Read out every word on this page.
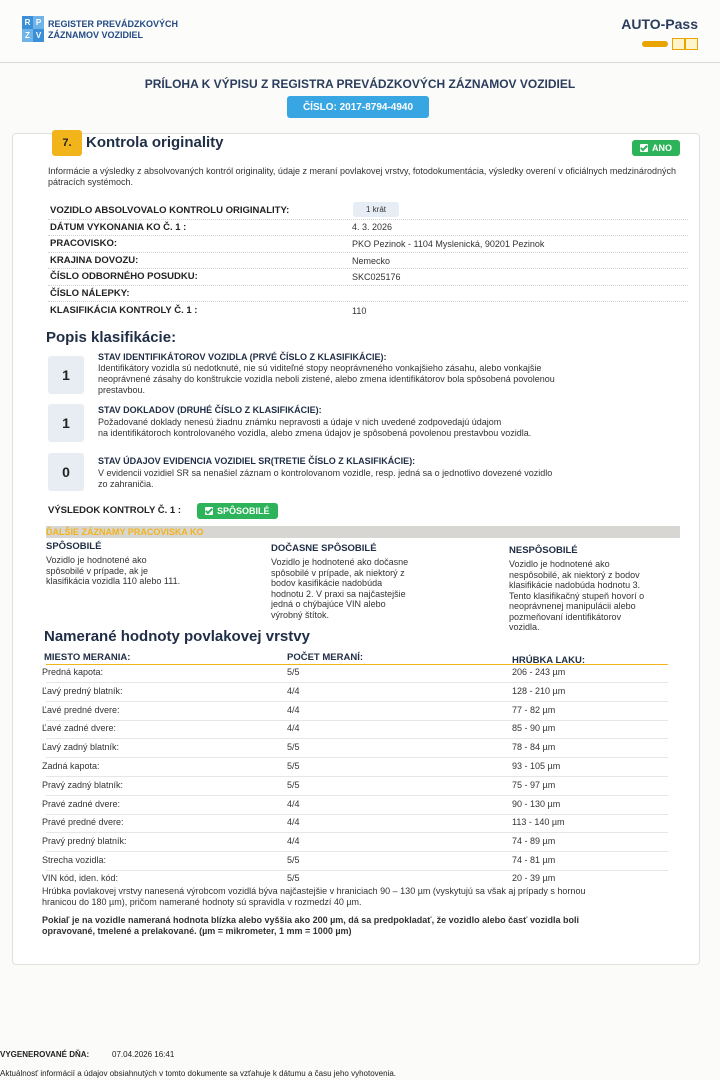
R P
Z V
REGISTER PREVÁDZKOVÝCH
ZÁZNAMOV VOZIDIEL
AUTO-Pass
PRÍLOHA K VÝPISU Z REGISTRA PREVÁDZKOVÝCH ZÁZNAMOV VOZIDIEL
ČÍSLO: 2017-8794-4940
7. Kontrola originality	ANO
Informácie a výsledky z absolvovaných kontról originality, údaje z meraní povlakovej vrstvy, fotodokumentácia, výsledky overení v oficiálnych medzinárodných pátracích systémoch.
VOZIDLO ABSOLVOVALO KONTROLU ORIGINALITY:	1 krát
DÁTUM VYKONANIA KO Č. 1 :	4. 3. 2026
PRACOVISKO:	PKO Pezinok - 1104 Myslenická, 90201 Pezinok
KRAJINA DOVOZU:	Nemecko
ČÍSLO ODBORNÉHO POSUDKU:	SKC025176
ČÍSLO NÁLEPKY:
KLASIFIKÁCIA KONTROLY Č. 1 :	110
Popis klasifikácie:
1
STAV IDENTIFIKÁTOROV VOZIDLA (PRVÉ ČÍSLO Z KLASIFIKÁCIE):
Identifikátory vozidla sú nedotknuté, nie sú viditeľné stopy neoprávneného vonkajšieho zásahu, alebo vonkajšie
neoprávnené zásahy do konštrukcie vozidla neboli zistené, alebo zmena identifikátorov bola spôsobená povolenou
prestavbou.
1
STAV DOKLADOV (DRUHÉ ČÍSLO Z KLASIFIKÁCIE):
Požadované doklady nenesú žiadnu známku nepravosti a údaje v nich uvedené zodpovedajú údajom
na identifikátoroch kontrolovaného vozidla, alebo zmena údajov je spôsobená povolenou prestavbou vozidla.
0
STAV ÚDAJOV EVIDENCIA VOZIDIEL SR(TRETIE ČÍSLO Z KLASIFIKÁCIE):
V evidencii vozidiel SR sa nenašiel záznam o kontrolovanom vozidle, resp. jedná sa o jednotlivo dovezené vozidlo
zo zahraničia.
VÝSLEDOK KONTROLY Č. 1 :	SPÔSOBILÉ
ĎALŠIE ZÁZNAMY PRACOVISKA KO
SPÔSOBILÉ
Vozidlo je hodnotené ako
spôsobilé v prípade, ak je
klasifikácia vozidla 110 alebo 111.
DOČASNE SPÔSOBILÉ
Vozidlo je hodnotené ako dočasne
spôsobilé v prípade, ak niektorý z
bodov kasifikácie nadobúda
hodnotu 2. V praxi sa najčastejšie
jedná o chýbajúce VIN alebo
výrobný štítok.
NESPÔSOBILÉ
Vozidlo je hodnotené ako
nespôsobilé, ak niektorý z bodov
klasifikácie nadobúda hodnotu 3.
Tento klasifikačný stupeň hovorí o
neoprávnenej manipulácii alebo
pozmeňovaní identifikátorov
vozidla.
Namerané hodnoty povlakovej vrstvy
MIESTO MERANIA:	POČET MERANÍ:	HRÚBKA LAKU:
Predná kapota:	5/5	206 - 243 µm
Ľavý predný blatník:	4/4	128 - 210 µm
Ľavé predné dvere:	4/4	77 - 82 µm
Ľavé zadné dvere:	4/4	85 - 90 µm
Ľavý zadný blatník:	5/5	78 - 84 µm
Zadná kapota:	5/5	93 - 105 µm
Pravý zadný blatník:	5/5	75 - 97 µm
Pravé zadné dvere:	4/4	90 - 130 µm
Pravé predné dvere:	4/4	113 - 140 µm
Pravý predný blatník:	4/4	74 - 89 µm
Strecha vozidla:	5/5	74 - 81 µm
VIN kód, iden. kód:	5/5	20 - 39 µm
Hrúbka povlakovej vrstvy nanesená výrobcom vozidlá býva najčastejšie v hraniciach 90 – 130 µm (vyskytujú sa však aj prípady s hornou
hranicou do 180 µm), pričom namerané hodnoty sú spravidla v rozmedzí 40 µm.
Pokiaľ je na vozidle nameraná hodnota blízka alebo vyššia ako 200 µm, dá sa predpokladať, že vozidlo alebo časť vozidla boli
opravované, tmelené a prelakované. (µm = mikrometer, 1 mm = 1000 µm)
VYGENEROVANÉ DŇA:	07.04.2026 16:41
Aktuálnosť informácií a údajov obsiahnutých v tomto dokumente sa vzťahuje k dátumu a času jeho vyhotovenia.
